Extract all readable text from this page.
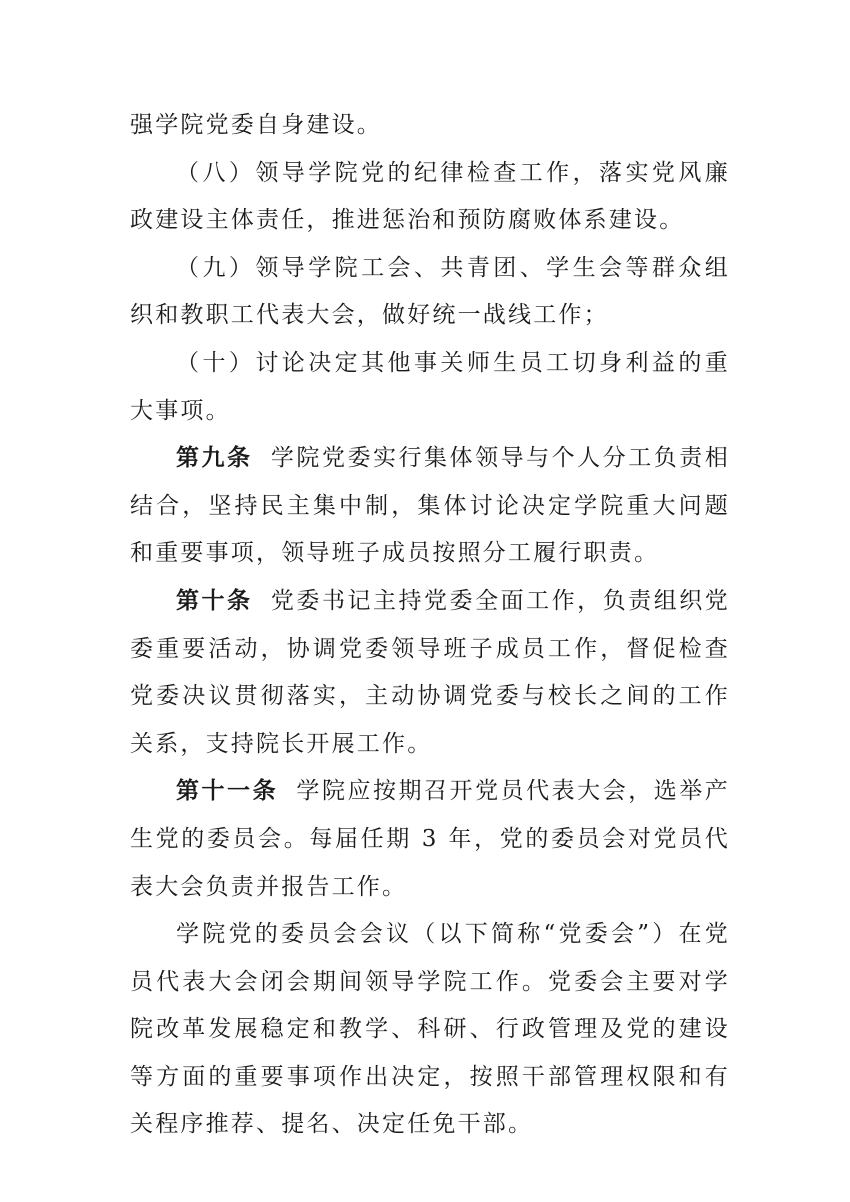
强学院党委自身建设。

（八）领导学院党的纪律检查工作，落实党风廉政建设主体责任，推进惩治和预防腐败体系建设。

（九）领导学院工会、共青团、学生会等群众组织和教职工代表大会，做好统一战线工作；

（十）讨论决定其他事关师生员工切身利益的重大事项。

第九条 学院党委实行集体领导与个人分工负责相结合，坚持民主集中制，集体讨论决定学院重大问题和重要事项，领导班子成员按照分工履行职责。

第十条 党委书记主持党委全面工作，负责组织党委重要活动，协调党委领导班子成员工作，督促检查党委决议贯彻落实，主动协调党委与校长之间的工作关系，支持院长开展工作。

第十一条 学院应按期召开党员代表大会，选举产生党的委员会。每届任期 3 年，党的委员会对党员代表大会负责并报告工作。

学院党的委员会会议（以下简称“党委会”）在党员代表大会闭会期间领导学院工作。党委会主要对学院改革发展稳定和教学、科研、行政管理及党的建设等方面的重要事项作出决定，按照干部管理权限和有关程序推荐、提名、决定任免干部。
